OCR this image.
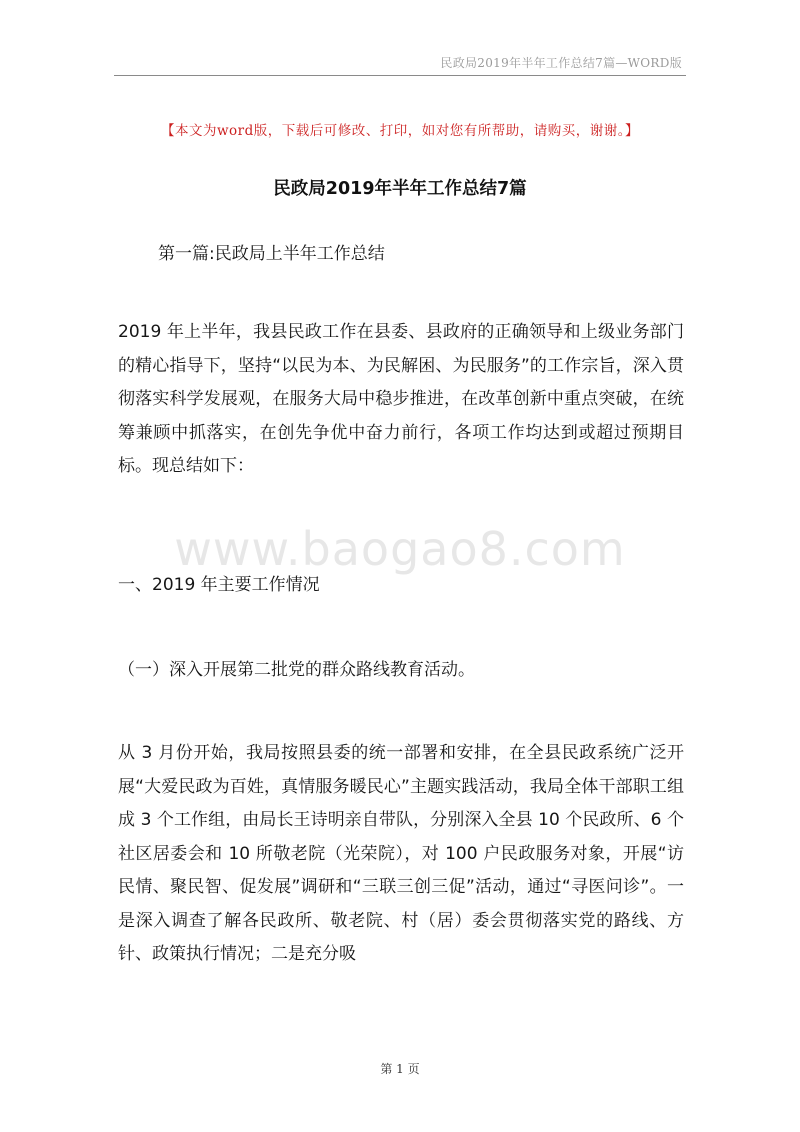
民政局2019年半年工作总结7篇—WORD版
【本文为word版，下载后可修改、打印，如对您有所帮助，请购买，谢谢。】
民政局2019年半年工作总结7篇
第一篇:民政局上半年工作总结

2019 年上半年，我县民政工作在县委、县政府的正确领导和上级业务部门的精心指导下，坚持“以民为本、为民解困、为民服务”的工作宗旨，深入贯彻落实科学发展观，在服务大局中稳步推进，在改革创新中重点突破，在统筹兼顾中抓落实，在创先争优中奋力前行，各项工作均达到或超过预期目标。现总结如下：

www.baogao8.com

一、2019 年主要工作情况

（一）深入开展第二批党的群众路线教育活动。

从 3 月份开始，我局按照县委的统一部署和安排，在全县民政系统广泛开展“大爱民政为百姓，真情服务暖民心”主题实践活动，我局全体干部职工组成 3 个工作组，由局长王诗明亲自带队，分别深入全县 10 个民政所、6 个社区居委会和 10 所敬老院（光荣院），对 100 户民政服务对象，开展“访民情、聚民智、促发展”调研和“三联三创三促”活动，通过“寻医问诊”。一是深入调查了解各民政所、敬老院、村（居）委会贯彻落实党的路线、方针、政策执行情况；二是充分吸

第 1 页
